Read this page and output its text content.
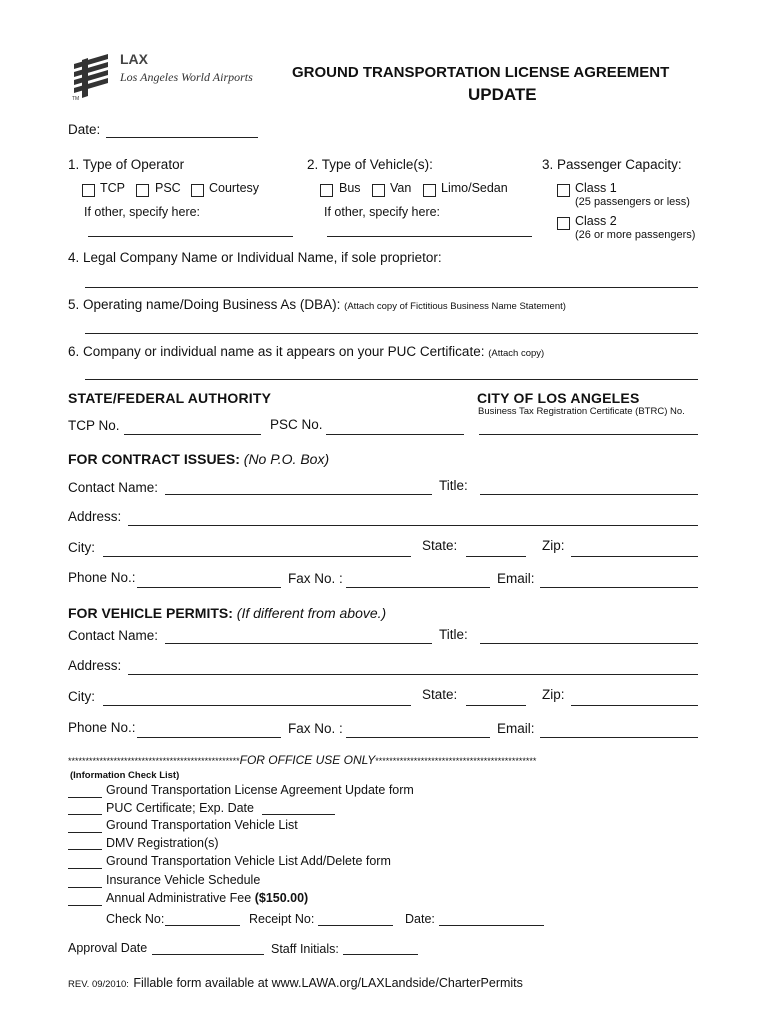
LAX
Los Angeles World Airports
TM
GROUND TRANSPORTATION LICENSE AGREEMENT
UPDATE
Date:
1. Type of Operator
TCP PSC Courtesy
If other, specify here:
2. Type of Vehicle(s):
Bus Van Limo/Sedan
If other, specify here:
3. Passenger Capacity:
Class 1
(25 passengers or less)
Class 2
(26 or more passengers)
4. Legal Company Name or Individual Name, if sole proprietor:
5. Operating name/Doing Business As (DBA): (Attach copy of Fictitious Business Name Statement)
6. Company or individual name as it appears on your PUC Certificate: (Attach copy)
STATE/FEDERAL AUTHORITY	CITY OF LOS ANGELES
Business Tax Registration Certificate (BTRC) No.
TCP No.	PSC No.
FOR CONTRACT ISSUES: (No P.O. Box)
Contact Name:	Title:
Address:
City:	State:	Zip:
Phone No.:	Fax No. :	Email:
FOR VEHICLE PERMITS: (If different from above.)
Contact Name:	Title:
Address:
City:	State:	Zip:
Phone No.:	Fax No. :	Email:
*************************************************FOR OFFICE USE ONLY**********************************************
(Information Check List)
Ground Transportation License Agreement Update form
PUC Certificate; Exp. Date
Ground Transportation Vehicle List
DMV Registration(s)
Ground Transportation Vehicle List Add/Delete form
Insurance Vehicle Schedule
Annual Administrative Fee ($150.00)
Check No:	Receipt No:	Date:
Approval Date	Staff Initials:
REV. 09/2010: Fillable form available at www.LAWA.org/LAXLandside/CharterPermits
